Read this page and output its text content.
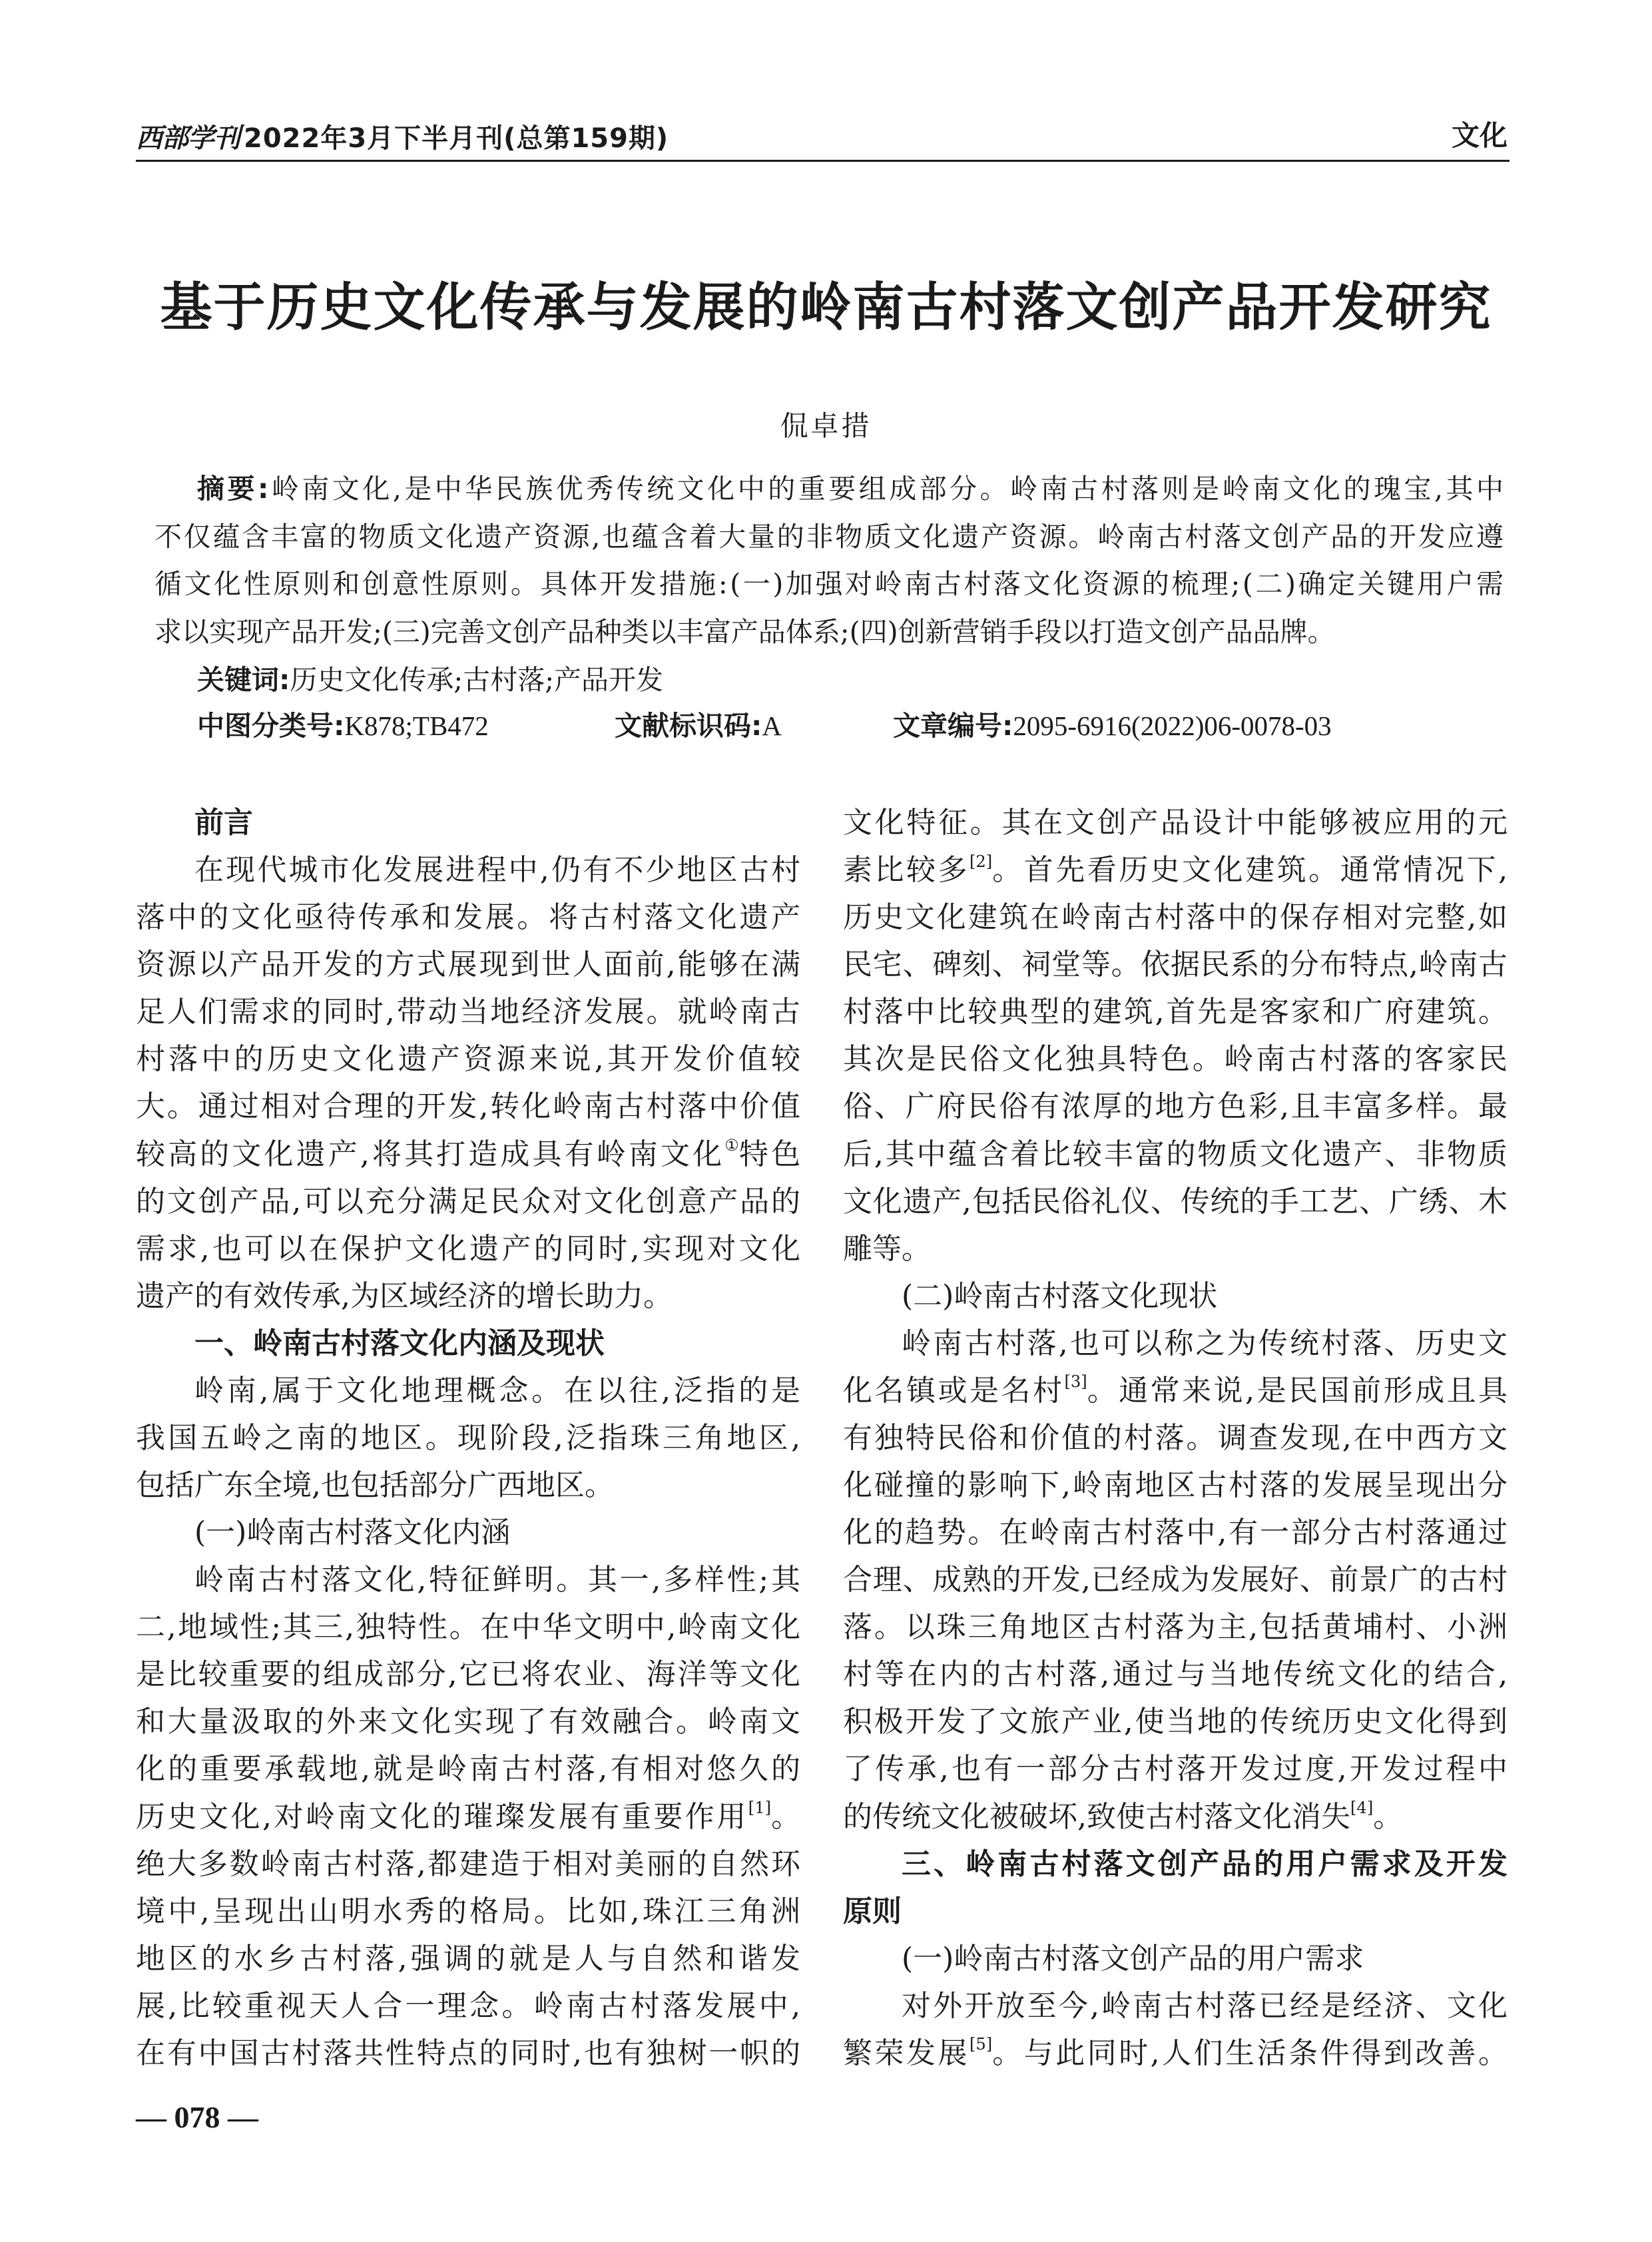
西部学刊 2022年3月下半月刊(总第159期)	文化
基于历史文化传承与发展的岭南古村落文创产品开发研究
侃卓措
摘要:岭南文化,是中华民族优秀传统文化中的重要组成部分。岭南古村落则是岭南文化的瑰宝,其中
不仅蕴含丰富的物质文化遗产资源,也蕴含着大量的非物质文化遗产资源。岭南古村落文创产品的开发应遵
循文化性原则和创意性原则。具体开发措施:(一)加强对岭南古村落文化资源的梳理;(二)确定关键用户需
求以实现产品开发;(三)完善文创产品种类以丰富产品体系;(四)创新营销手段以打造文创产品品牌。
关键词:历史文化传承;古村落;产品开发
中图分类号:K878;TB472	文献标识码:A	文章编号:2095-6916(2022)06-0078-03
前言
在现代城市化发展进程中,仍有不少地区古村
落中的文化亟待传承和发展。将古村落文化遗产
资源以产品开发的方式展现到世人面前,能够在满
足人们需求的同时,带动当地经济发展。就岭南古
村落中的历史文化遗产资源来说,其开发价值较
大。通过相对合理的开发,转化岭南古村落中价值
较高的文化遗产,将其打造成具有岭南文化①特色
的文创产品,可以充分满足民众对文化创意产品的
需求,也可以在保护文化遗产的同时,实现对文化
遗产的有效传承,为区域经济的增长助力。
一、岭南古村落文化内涵及现状
岭南,属于文化地理概念。在以往,泛指的是
我国五岭之南的地区。现阶段,泛指珠三角地区,
包括广东全境,也包括部分广西地区。
(一)岭南古村落文化内涵
岭南古村落文化,特征鲜明。其一,多样性;其
二,地域性;其三,独特性。在中华文明中,岭南文化
是比较重要的组成部分,它已将农业、海洋等文化
和大量汲取的外来文化实现了有效融合。岭南文
化的重要承载地,就是岭南古村落,有相对悠久的
历史文化,对岭南文化的璀璨发展有重要作用[1]。
绝大多数岭南古村落,都建造于相对美丽的自然环
境中,呈现出山明水秀的格局。比如,珠江三角洲
地区的水乡古村落,强调的就是人与自然和谐发
展,比较重视天人合一理念。岭南古村落发展中,
在有中国古村落共性特点的同时,也有独树一帜的
文化特征。其在文创产品设计中能够被应用的元
素比较多[2]。首先看历史文化建筑。通常情况下,
历史文化建筑在岭南古村落中的保存相对完整,如
民宅、碑刻、祠堂等。依据民系的分布特点,岭南古
村落中比较典型的建筑,首先是客家和广府建筑。
其次是民俗文化独具特色。岭南古村落的客家民
俗、广府民俗有浓厚的地方色彩,且丰富多样。最
后,其中蕴含着比较丰富的物质文化遗产、非物质
文化遗产,包括民俗礼仪、传统的手工艺、广绣、木
雕等。
(二)岭南古村落文化现状
岭南古村落,也可以称之为传统村落、历史文
化名镇或是名村[3]。通常来说,是民国前形成且具
有独特民俗和价值的村落。调查发现,在中西方文
化碰撞的影响下,岭南地区古村落的发展呈现出分
化的趋势。在岭南古村落中,有一部分古村落通过
合理、成熟的开发,已经成为发展好、前景广的古村
落。以珠三角地区古村落为主,包括黄埔村、小洲
村等在内的古村落,通过与当地传统文化的结合,
积极开发了文旅产业,使当地的传统历史文化得到
了传承,也有一部分古村落开发过度,开发过程中
的传统文化被破坏,致使古村落文化消失[4]。
三、岭南古村落文创产品的用户需求及开发
原则
(一)岭南古村落文创产品的用户需求
对外开放至今,岭南古村落已经是经济、文化
繁荣发展[5]。与此同时,人们生活条件得到改善。
— 078 —
